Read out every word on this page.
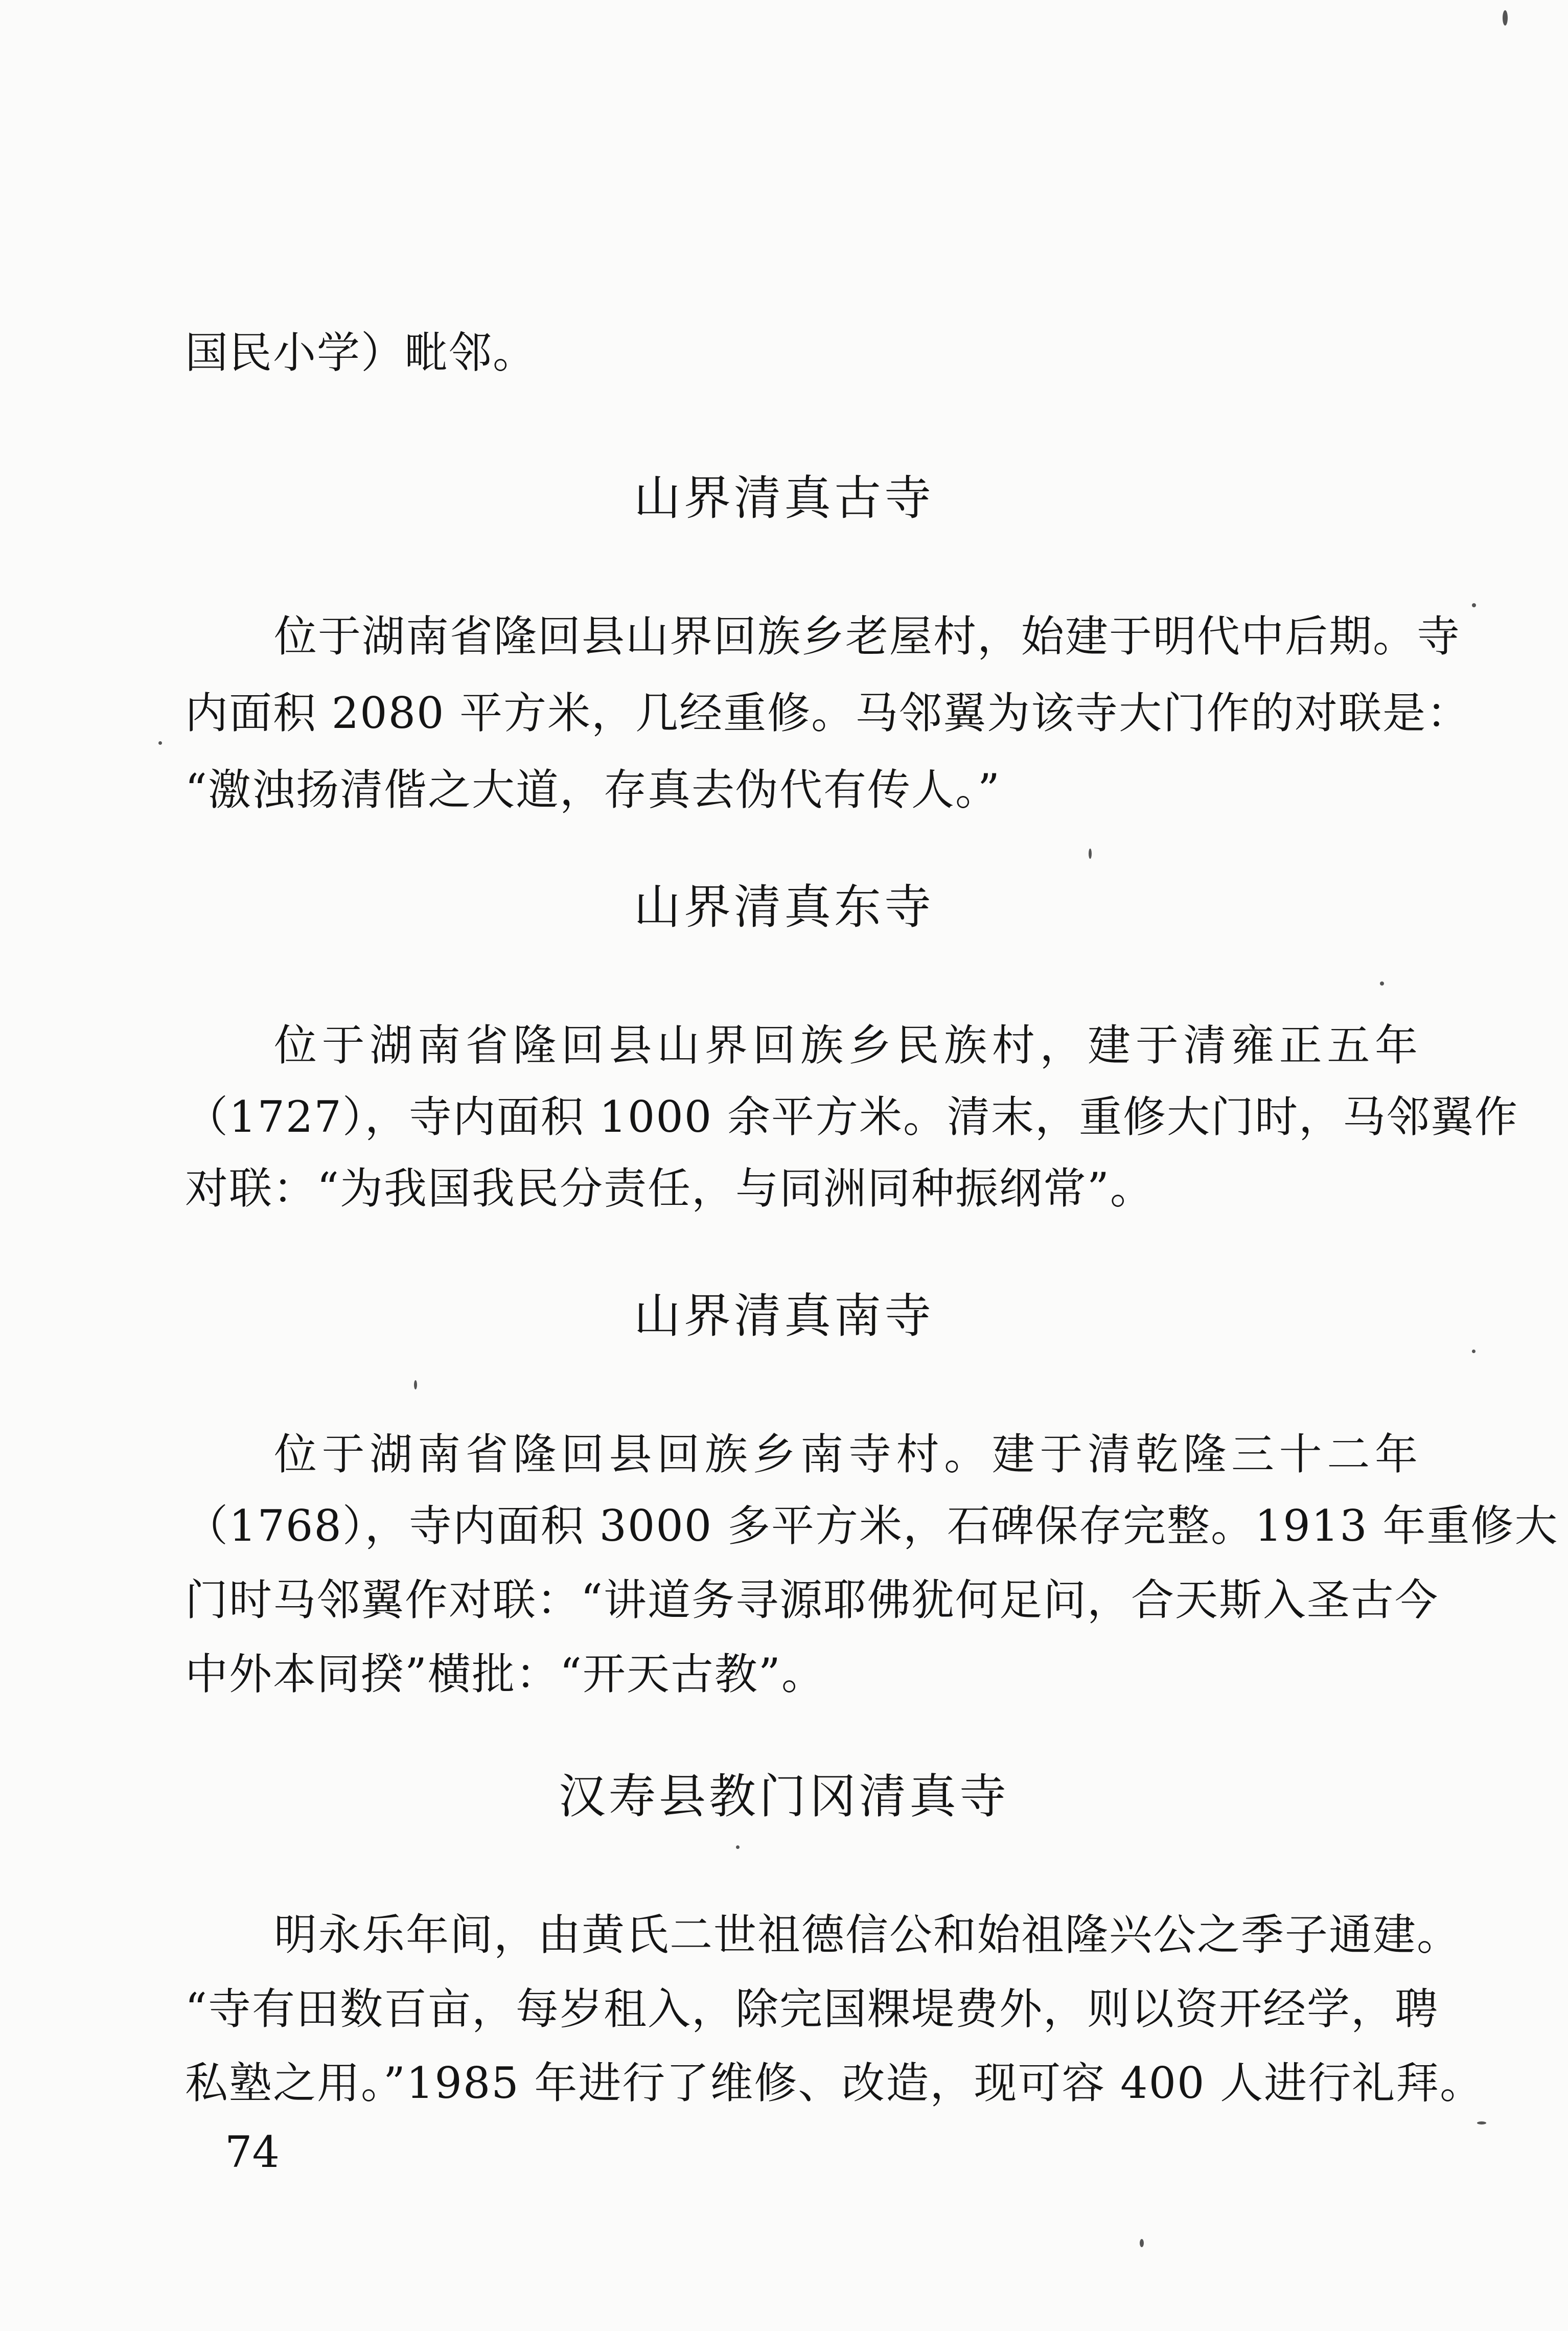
国民小学）毗邻。
山界清真古寺
位于湖南省隆回县山界回族乡老屋村，始建于明代中后期。寺
内面积 2080 平方米，几经重修。马邻翼为该寺大门作的对联是：
“激浊扬清偕之大道，存真去伪代有传人。”
山界清真东寺
位于湖南省隆回县山界回族乡民族村，建于清雍正五年
（1727），寺内面积 1000 余平方米。清末，重修大门时，马邻翼作
对联：“为我国我民分责任，与同洲同种振纲常”。
山界清真南寺
位于湖南省隆回县回族乡南寺村。建于清乾隆三十二年
（1768），寺内面积 3000 多平方米，石碑保存完整。1913 年重修大
门时马邻翼作对联：“讲道务寻源耶佛犹何足问，合天斯入圣古今
中外本同揆”横批：“开天古教”。
汉寿县教门冈清真寺
明永乐年间，由黄氏二世祖德信公和始祖隆兴公之季子通建。
“寺有田数百亩，每岁租入，除完国粿堤费外，则以资开经学，聘
私塾之用。”1985 年进行了维修、改造，现可容 400 人进行礼拜。
74
